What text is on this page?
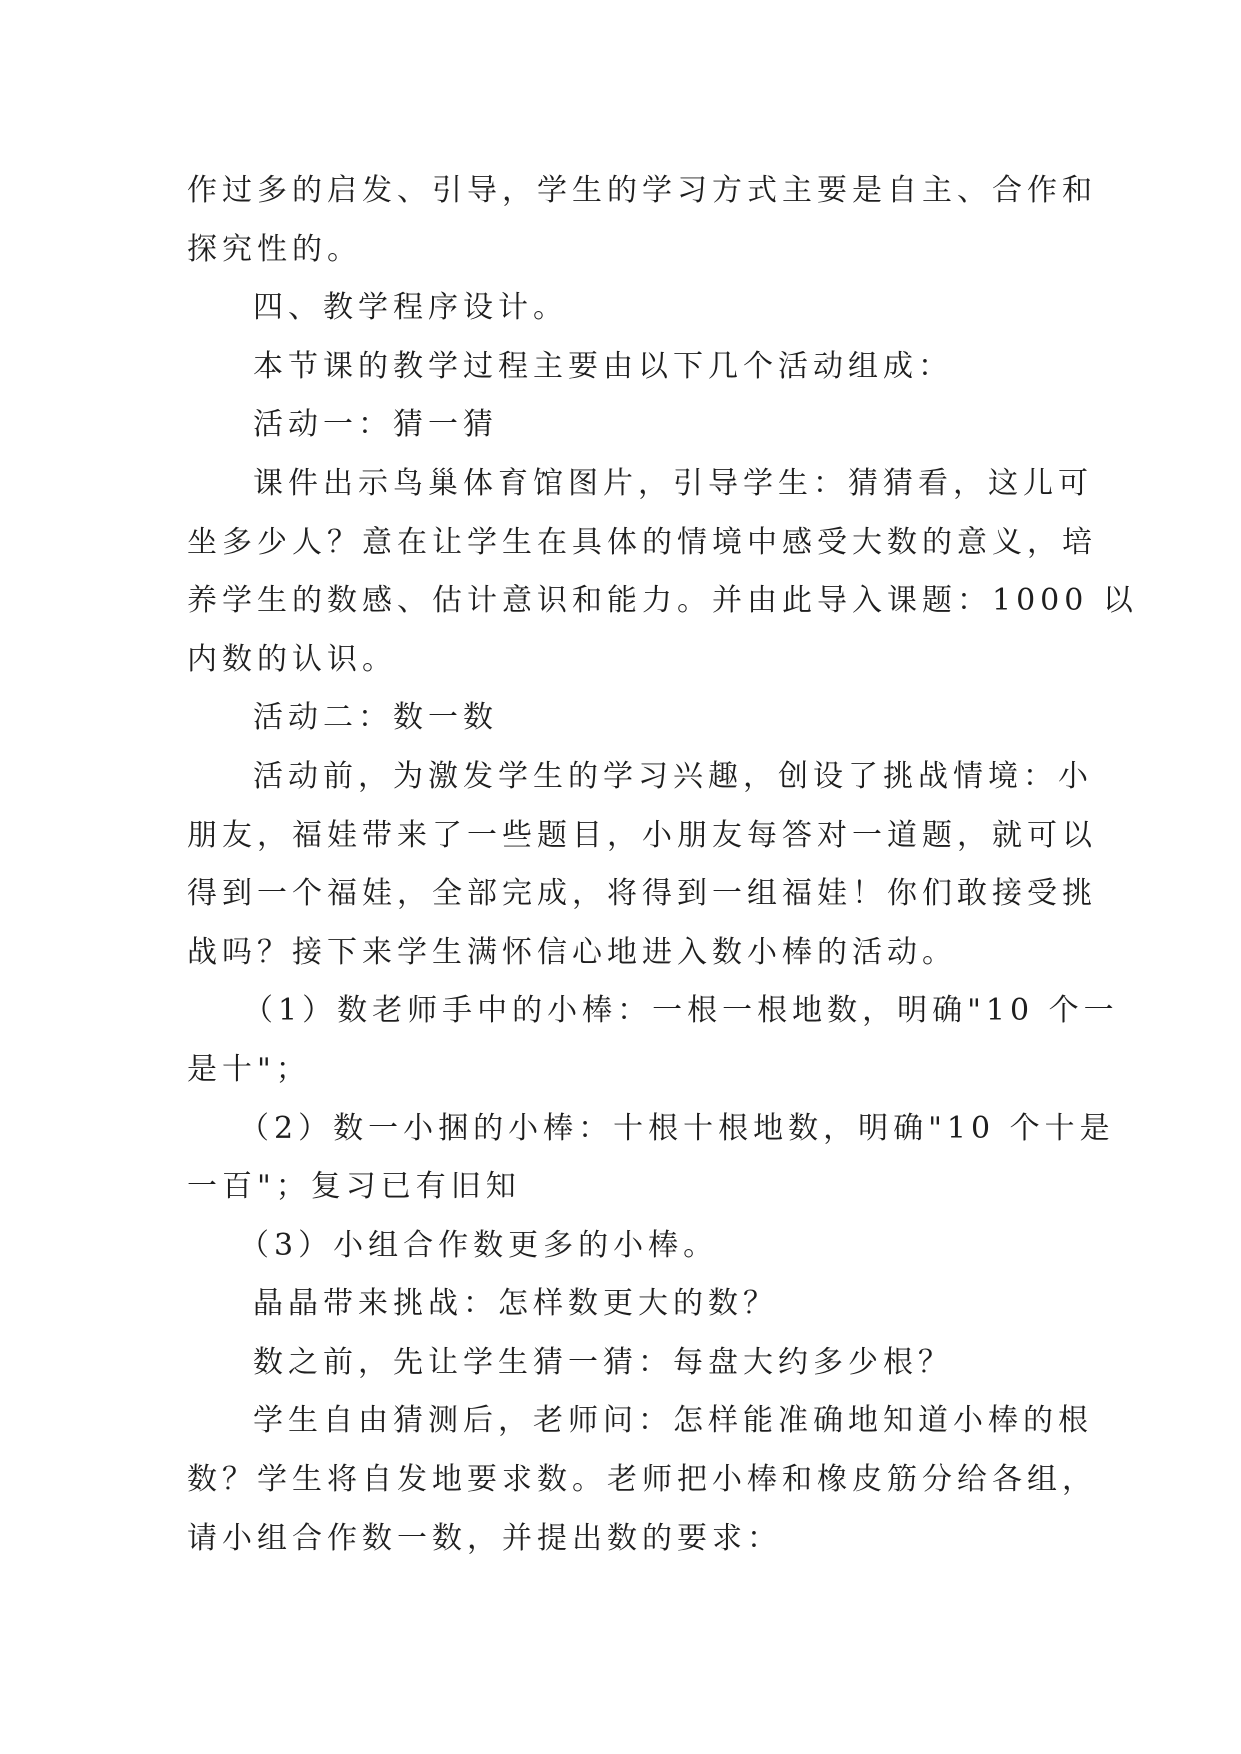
作过多的启发、引导，学生的学习方式主要是自主、合作和
探究性的。
四、教学程序设计。
本节课的教学过程主要由以下几个活动组成：
活动一：猜一猜
课件出示鸟巢体育馆图片，引导学生：猜猜看，这儿可
坐多少人？意在让学生在具体的情境中感受大数的意义，培
养学生的数感、估计意识和能力。并由此导入课题：1000 以
内数的认识。
活动二：数一数
活动前，为激发学生的学习兴趣，创设了挑战情境：小
朋友，福娃带来了一些题目，小朋友每答对一道题，就可以
得到一个福娃，全部完成，将得到一组福娃！你们敢接受挑
战吗？接下来学生满怀信心地进入数小棒的活动。
（1）数老师手中的小棒：一根一根地数，明确"10 个一
是十"；
（2）数一小捆的小棒：十根十根地数，明确"10 个十是
一百"；复习已有旧知
（3）小组合作数更多的小棒。
晶晶带来挑战：怎样数更大的数？
数之前，先让学生猜一猜：每盘大约多少根？
学生自由猜测后，老师问：怎样能准确地知道小棒的根
数？学生将自发地要求数。老师把小棒和橡皮筋分给各组，
请小组合作数一数，并提出数的要求：
